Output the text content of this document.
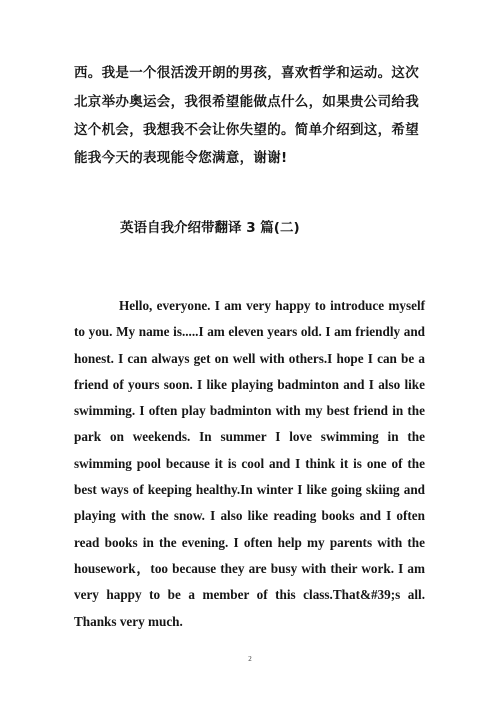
西。我是一个很活泼开朗的男孩，喜欢哲学和运动。这次
北京举办奥运会，我很希望能做点什么，如果贵公司给我
这个机会，我想我不会让你失望的。简单介绍到这，希望
能我今天的表现能令您满意，谢谢!
英语自我介绍带翻译 3 篇(二)

Hello, everyone. I am very happy to introduce myself to you. My name is.....I am eleven years old. I am friendly and honest. I can always get on well with others.I hope I can be a friend of yours soon. I like playing badminton and I also like swimming. I often play badminton with my best friend in the park on weekends. In summer I love swimming in the swimming pool because it is cool and I think it is one of the best ways of keeping healthy.In winter I like going skiing and playing with the snow. I also like reading books and I often read books in the evening. I often help my parents with the housework，too because they are busy with their work. I am very happy to be a member of this class.That&#39;s all. Thanks very much.

2
